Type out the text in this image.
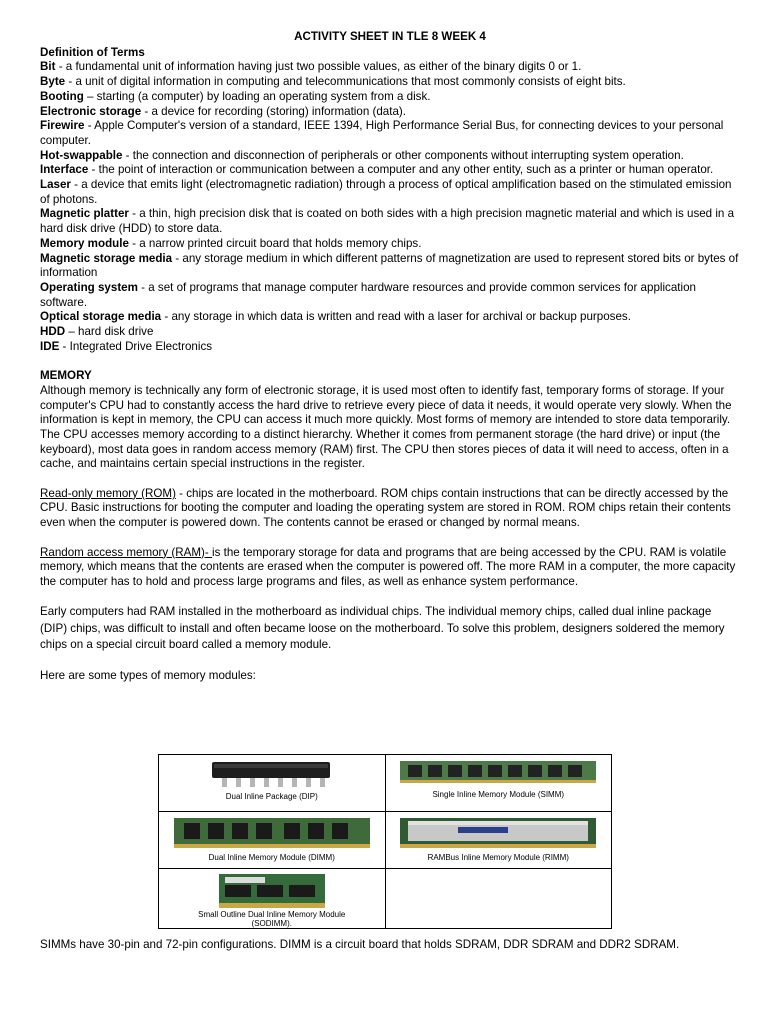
ACTIVITY SHEET IN TLE 8 WEEK 4
Definition of Terms

Bit - a fundamental unit of information having just two possible values, as either of the binary digits 0 or 1.

Byte - a unit of digital information in computing and telecommunications that most commonly consists of eight bits.

Booting – starting (a computer) by loading an operating system from a disk.

Electronic storage - a device for recording (storing) information (data).

Firewire - Apple Computer's version of a standard, IEEE 1394, High Performance Serial Bus, for connecting devices to your personal computer.

Hot-swappable - the connection and disconnection of peripherals or other components without interrupting system operation.

Interface - the point of interaction or communication between a computer and any other entity, such as a printer or human operator.

Laser - a device that emits light (electromagnetic radiation) through a process of optical amplification based on the stimulated emission of photons.

Magnetic platter - a thin, high precision disk that is coated on both sides with a high precision magnetic material and which is used in a hard disk drive (HDD) to store data.

Memory module - a narrow printed circuit board that holds memory chips.

Magnetic storage media - any storage medium in which different patterns of magnetization are used to represent stored bits or bytes of information

Operating system - a set of programs that manage computer hardware resources and provide common services for application software.

Optical storage media - any storage in which data is written and read with a laser for archival or backup purposes.

HDD – hard disk drive

IDE - Integrated Drive Electronics

MEMORY

Although memory is technically any form of electronic storage, it is used most often to identify fast, temporary forms of storage. If your computer's CPU had to constantly access the hard drive to retrieve every piece of data it needs, it would operate very slowly. When the information is kept in memory, the CPU can access it much more quickly. Most forms of memory are intended to store data temporarily.

The CPU accesses memory according to a distinct hierarchy. Whether it comes from permanent storage (the hard drive) or input (the keyboard), most data goes in random access memory (RAM) first. The CPU then stores pieces of data it will need to access, often in a cache, and maintains certain special instructions in the register.

Read-only memory (ROM) - chips are located in the motherboard. ROM chips contain instructions that can be directly accessed by the CPU. Basic instructions for booting the computer and loading the operating system are stored in ROM. ROM chips retain their contents even when the computer is powered down. The contents cannot be erased or changed by normal means.

Random access memory (RAM)- is the temporary storage for data and programs that are being accessed by the CPU. RAM is volatile memory, which means that the contents are erased when the computer is powered off. The more RAM in a computer, the more capacity the computer has to hold and process large programs and files, as well as enhance system performance.

Early computers had RAM installed in the motherboard as individual chips. The individual memory chips, called dual inline package (DIP) chips, was difficult to install and often became loose on the motherboard. To solve this problem, designers soldered the memory chips on a special circuit board called a memory module.

Here are some types of memory modules:

Dual Inline Package (DIP)	Single Inline Memory Module (SIMM)

Dual Inline Memory Module (DIMM)	RAMBus Inline Memory Module (RIMM)

Small Outline Dual Inline Memory Module (SODIMM).	

SIMMs have 30-pin and 72-pin configurations. DIMM is a circuit board that holds SDRAM, DDR SDRAM and DDR2 SDRAM.
